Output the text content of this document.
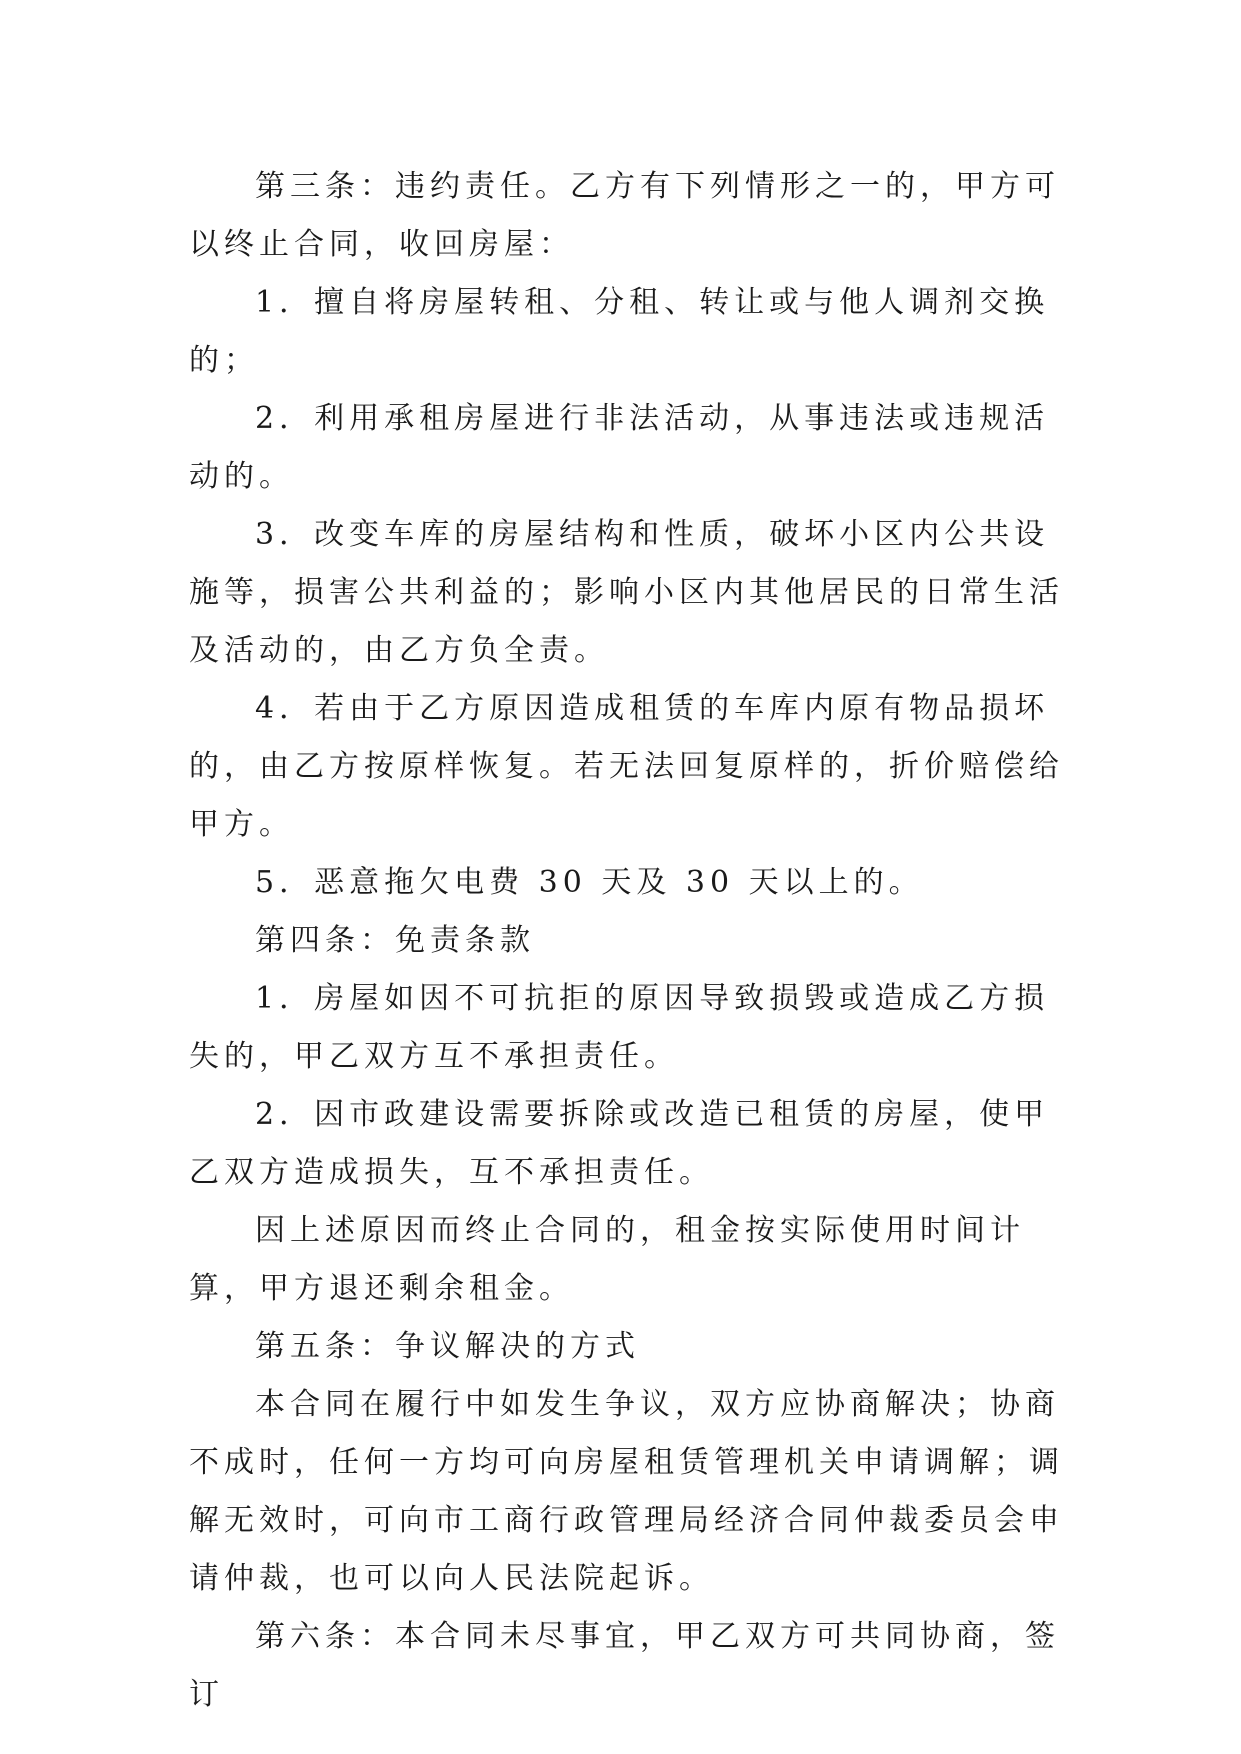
第三条：违约责任。乙方有下列情形之一的，甲方可以终止合同，收回房屋：

1．擅自将房屋转租、分租、转让或与他人调剂交换的；

2．利用承租房屋进行非法活动，从事违法或违规活动的。

3．改变车库的房屋结构和性质，破坏小区内公共设施等，损害公共利益的；影响小区内其他居民的日常生活及活动的，由乙方负全责。

4．若由于乙方原因造成租赁的车库内原有物品损坏的，由乙方按原样恢复。若无法回复原样的，折价赔偿给甲方。

5．恶意拖欠电费 30 天及 30 天以上的。

第四条：免责条款

1．房屋如因不可抗拒的原因导致损毁或造成乙方损失的，甲乙双方互不承担责任。

2．因市政建设需要拆除或改造已租赁的房屋，使甲乙双方造成损失，互不承担责任。

因上述原因而终止合同的，租金按实际使用时间计算，甲方退还剩余租金。

第五条：争议解决的方式

本合同在履行中如发生争议，双方应协商解决；协商不成时，任何一方均可向房屋租赁管理机关申请调解；调解无效时，可向市工商行政管理局经济合同仲裁委员会申请仲裁，也可以向人民法院起诉。

第六条：本合同未尽事宜，甲乙双方可共同协商，签订
